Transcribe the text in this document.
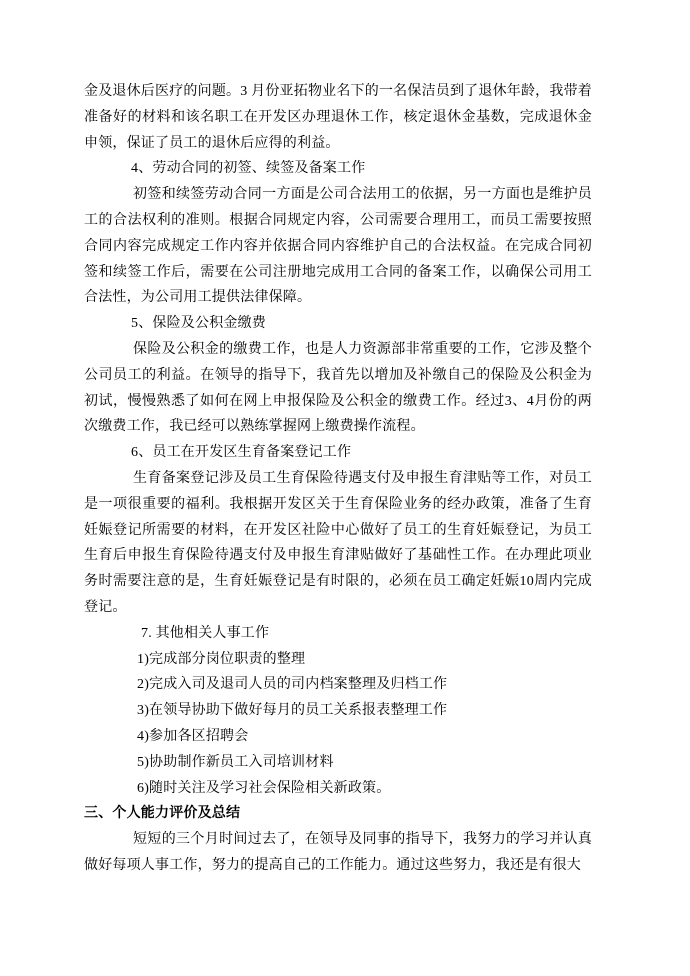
金及退休后医疗的问题。3 月份亚拓物业名下的一名保洁员到了退休年龄，我带着准备好的材料和该名职工在开发区办理退休工作，核定退休金基数，完成退休金申领，保证了员工的退休后应得的利益。
4、劳动合同的初签、续签及备案工作
初签和续签劳动合同一方面是公司合法用工的依据，另一方面也是维护员工的合法权利的准则。根据合同规定内容，公司需要合理用工，而员工需要按照合同内容完成规定工作内容并依据合同内容维护自己的合法权益。在完成合同初签和续签工作后，需要在公司注册地完成用工合同的备案工作，以确保公司用工合法性，为公司用工提供法律保障。
5、保险及公积金缴费
保险及公积金的缴费工作，也是人力资源部非常重要的工作，它涉及整个公司员工的利益。在领导的指导下，我首先以增加及补缴自己的保险及公积金为初试，慢慢熟悉了如何在网上申报保险及公积金的缴费工作。经过3、4月份的两次缴费工作，我已经可以熟练掌握网上缴费操作流程。
6、员工在开发区生育备案登记工作
生育备案登记涉及员工生育保险待遇支付及申报生育津贴等工作，对员工是一项很重要的福利。我根据开发区关于生育保险业务的经办政策，准备了生育妊娠登记所需要的材料，在开发区社险中心做好了员工的生育妊娠登记，为员工生育后申报生育保险待遇支付及申报生育津贴做好了基础性工作。在办理此项业务时需要注意的是，生育妊娠登记是有时限的，必须在员工确定妊娠10周内完成登记。
7. 其他相关人事工作
1)完成部分岗位职责的整理
2)完成入司及退司人员的司内档案整理及归档工作
3)在领导协助下做好每月的员工关系报表整理工作
4)参加各区招聘会
5)协助制作新员工入司培训材料
6)随时关注及学习社会保险相关新政策。
三、个人能力评价及总结
短短的三个月时间过去了，在领导及同事的指导下，我努力的学习并认真做好每项人事工作，努力的提高自己的工作能力。通过这些努力，我还是有很大
